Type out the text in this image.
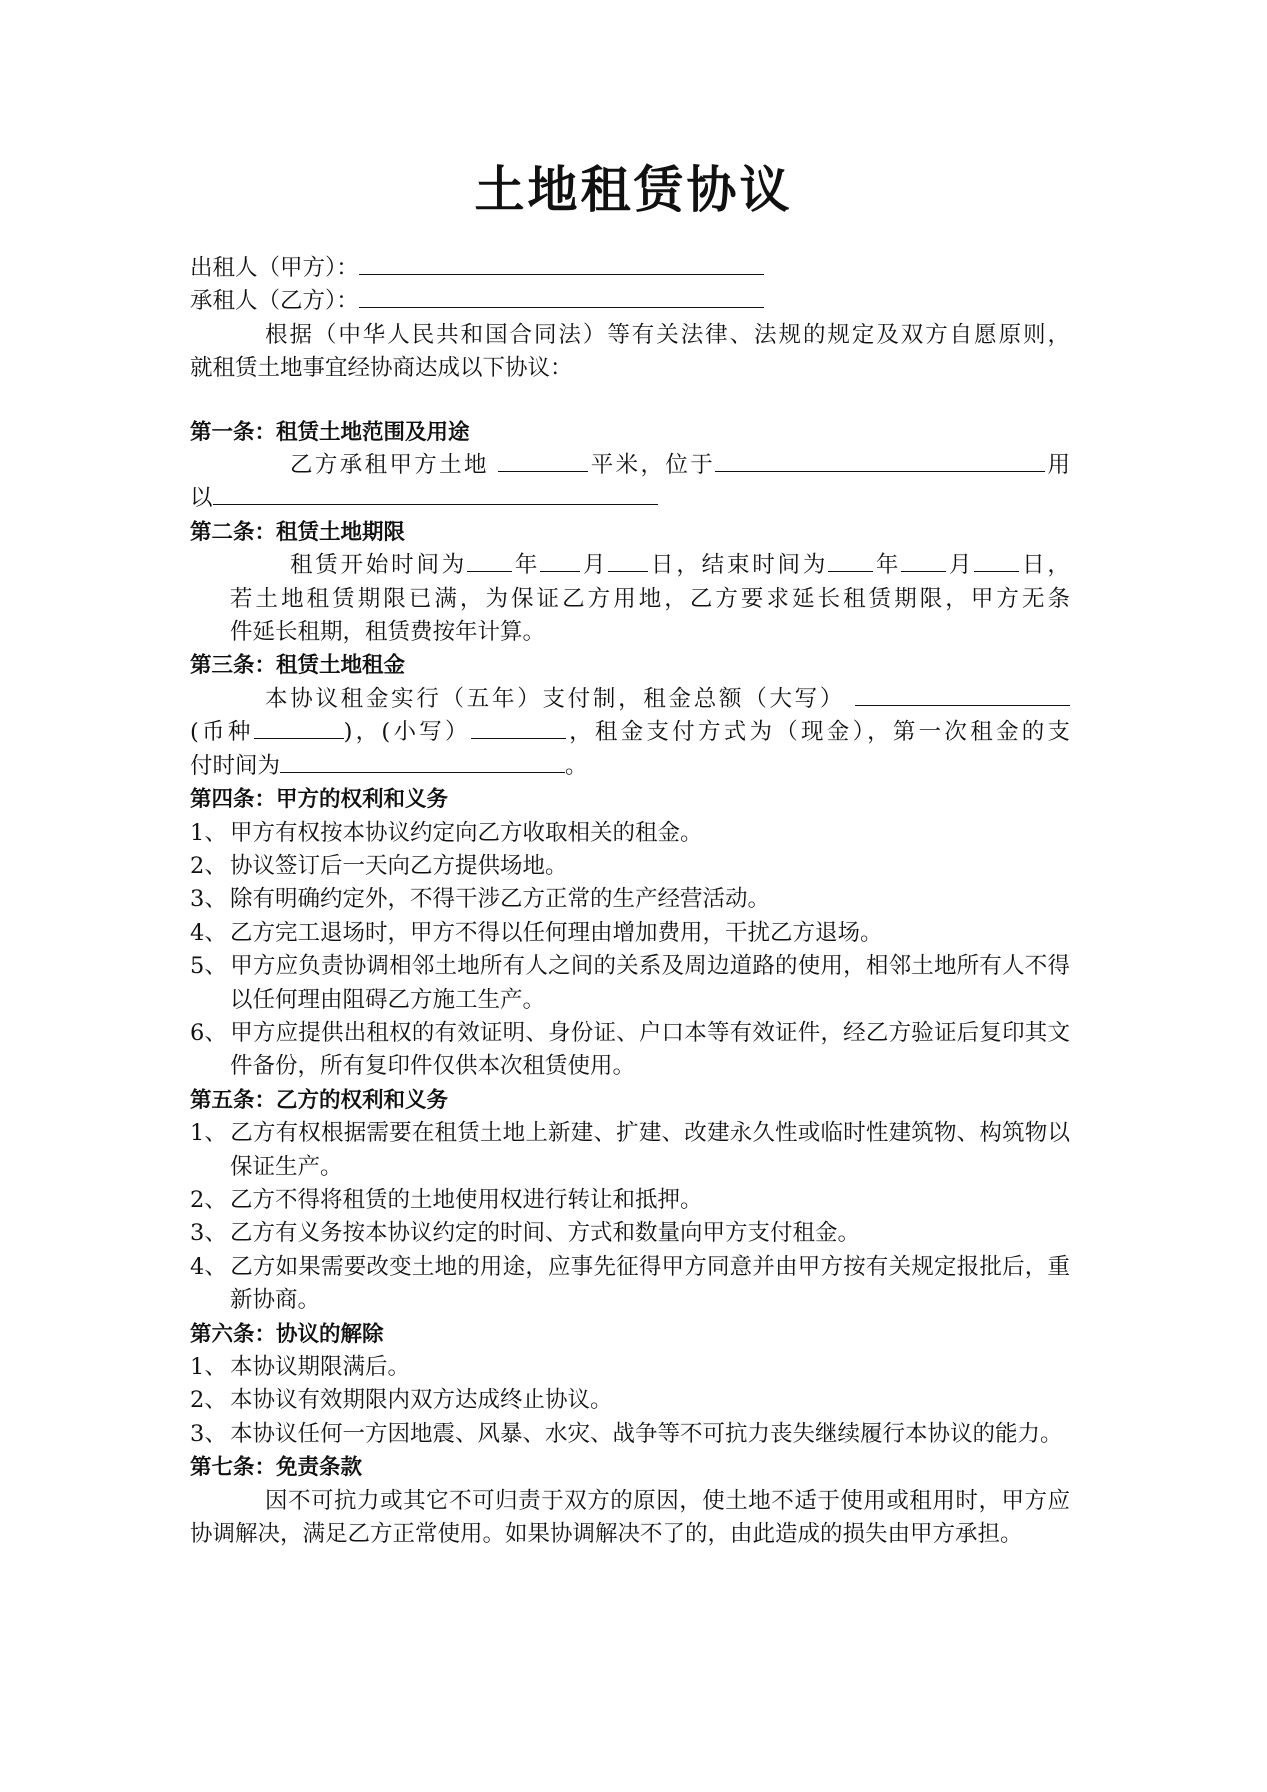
土地租赁协议

出租人（甲方）：

承租人（乙方）：

根据（中华人民共和国合同法）等有关法律、法规的规定及双方自愿原则，

就租赁土地事宜经协商达成以下协议：

第一条：租赁土地范围及用途

乙方承租甲方土地	平米，位于	用

以

第二条：租赁土地期限

租赁开始时间为 年 月 日，结束时间为 年 月 日，

若土地租赁期限已满，为保证乙方用地，乙方要求延长租赁期限，甲方无条

件延长租期，租赁费按年计算。

第三条：租赁土地租金

本协议租金实行（五年）支付制，租金总额（大写）

(币种	)，(小写）	，租金支付方式为（现金），第一次租金的支

付时间为	。

第四条：甲方的权利和义务

1、 甲方有权按本协议约定向乙方收取相关的租金。

2、 协议签订后一天向乙方提供场地。

3、 除有明确约定外，不得干涉乙方正常的生产经营活动。

4、 乙方完工退场时，甲方不得以任何理由增加费用，干扰乙方退场。

5、 甲方应负责协调相邻土地所有人之间的关系及周边道路的使用，相邻土地所有人不得以任何理由阻碍乙方施工生产。

6、 甲方应提供出租权的有效证明、身份证、户口本等有效证件，经乙方验证后复印其文件备份，所有复印件仅供本次租赁使用。

第五条：乙方的权利和义务

1、 乙方有权根据需要在租赁土地上新建、扩建、改建永久性或临时性建筑物、构筑物以保证生产。

2、 乙方不得将租赁的土地使用权进行转让和抵押。

3、 乙方有义务按本协议约定的时间、方式和数量向甲方支付租金。

4、 乙方如果需要改变土地的用途，应事先征得甲方同意并由甲方按有关规定报批后，重新协商。

第六条：协议的解除

1、 本协议期限满后。

2、 本协议有效期限内双方达成终止协议。

3、 本协议任何一方因地震、风暴、水灾、战争等不可抗力丧失继续履行本协议的能力。

第七条：免责条款

因不可抗力或其它不可归责于双方的原因，使土地不适于使用或租用时，甲方应协调解决，满足乙方正常使用。如果协调解决不了的，由此造成的损失由甲方承担。
